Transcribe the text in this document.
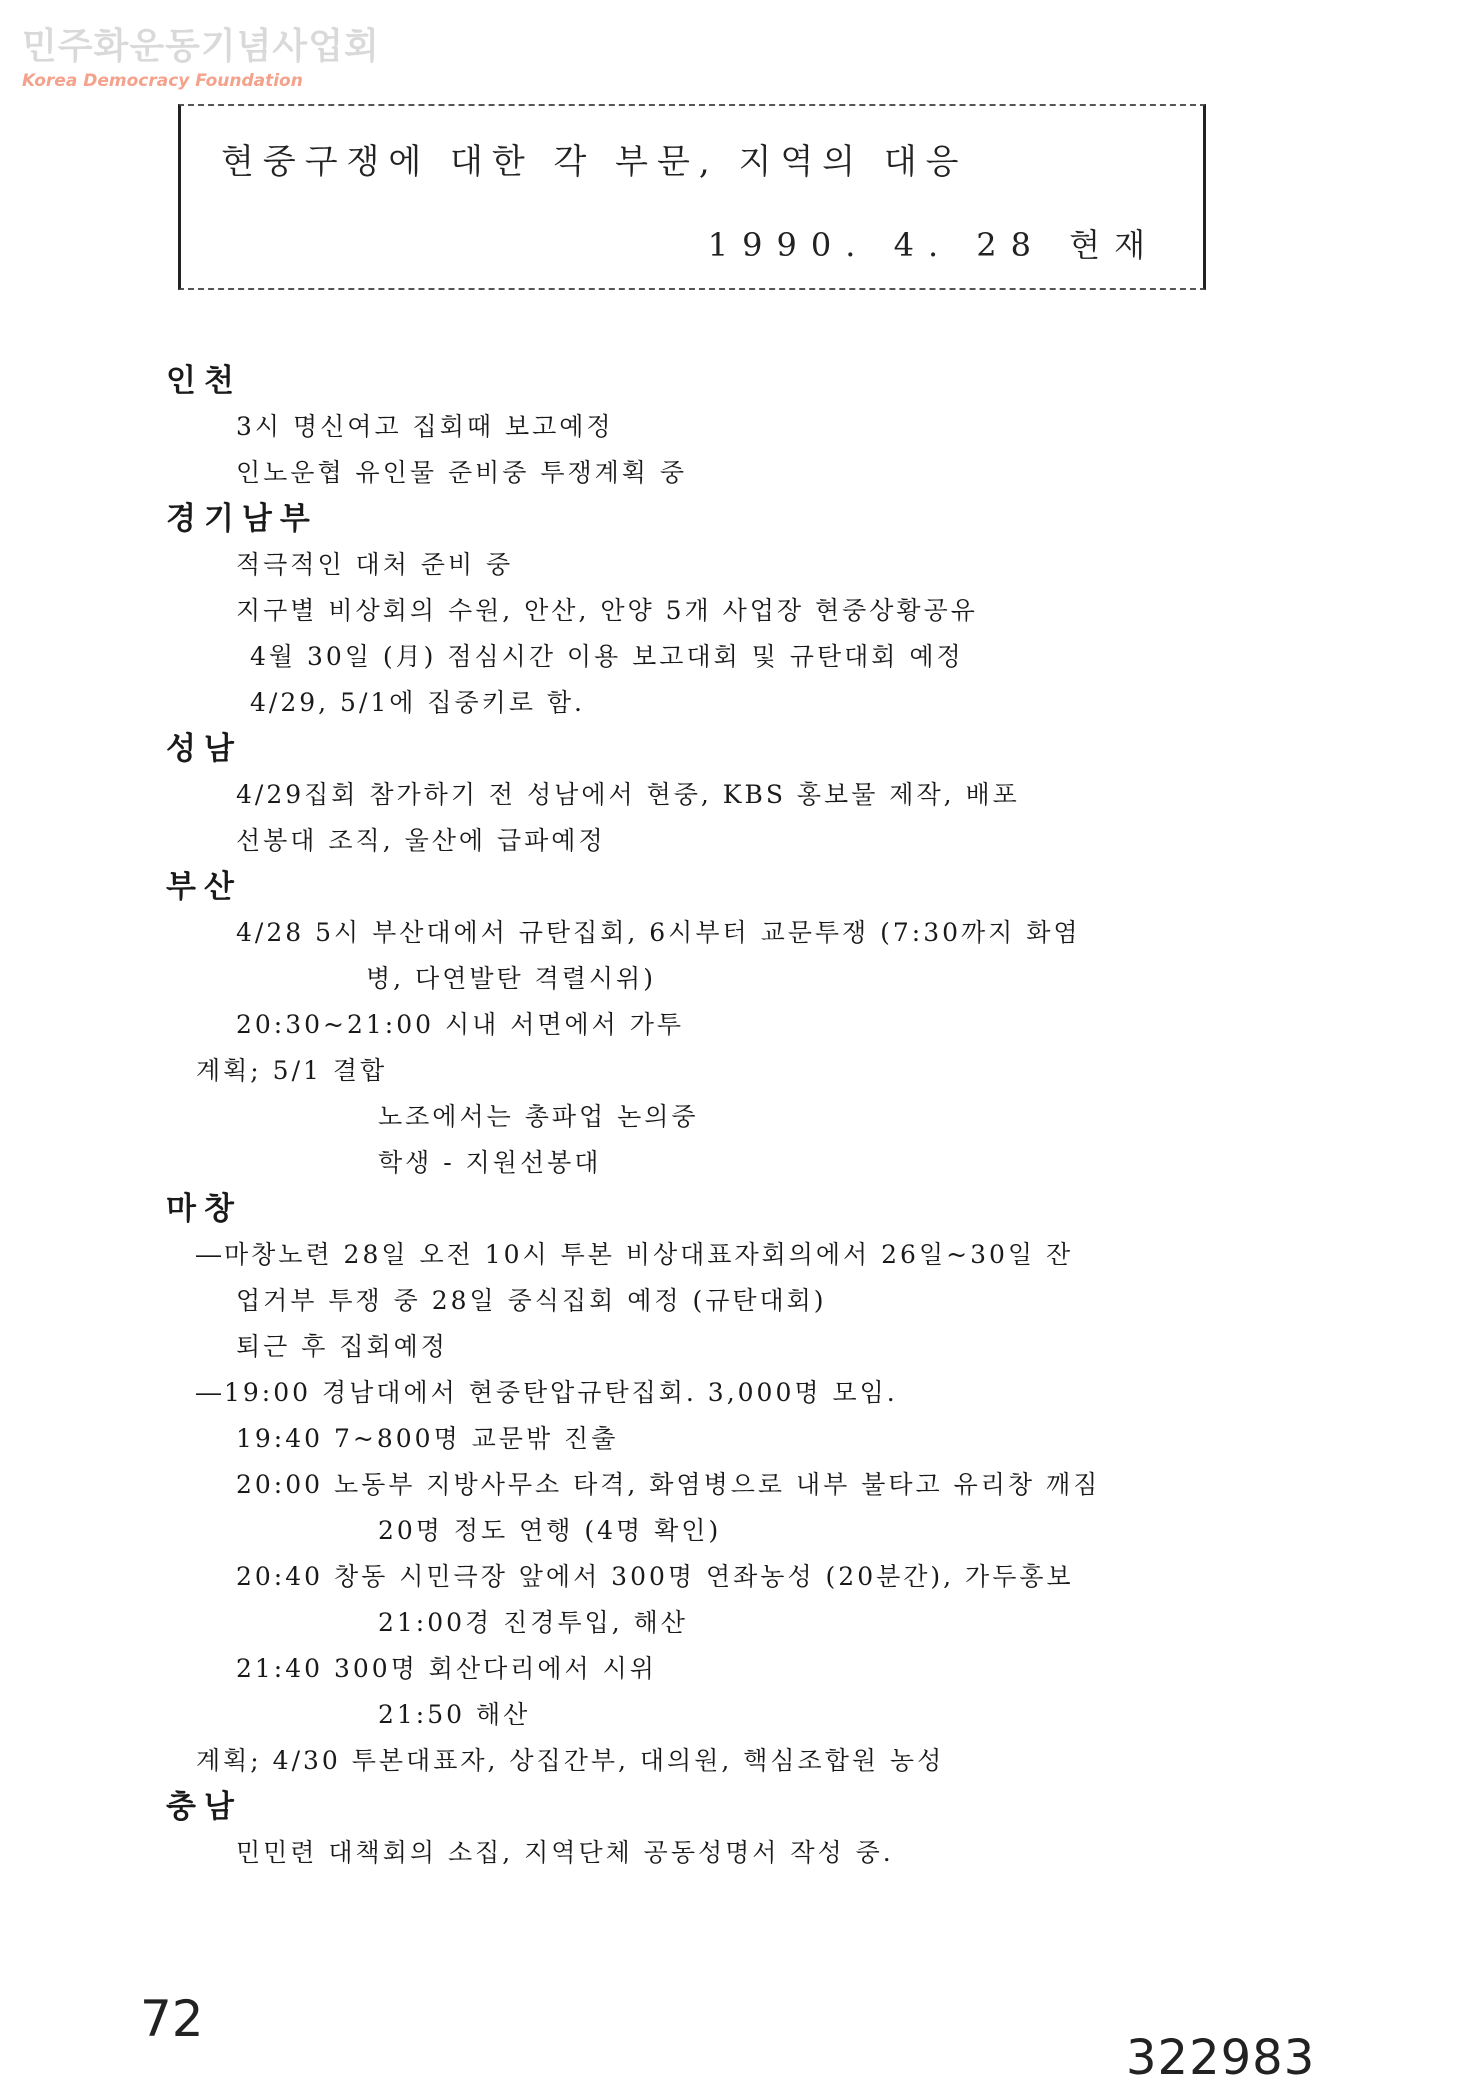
민주화운동기념사업회
Korea Democracy Foundation
현중구쟁에 대한 각 부문, 지역의 대응
1990. 4. 28 현재
인천
3시 명신여고 집회때 보고예정
인노운협 유인물 준비중 투쟁계획 중
경기남부
적극적인 대처 준비 중
지구별 비상회의 수원, 안산, 안양 5개 사업장 현중상황공유
4월 30일 (月) 점심시간 이용 보고대회 및 규탄대회 예정
4/29, 5/1에 집중키로 함.
성남
4/29집회 참가하기 전 성남에서 현중, KBS 홍보물 제작, 배포
선봉대 조직, 울산에 급파예정
부산
4/28 5시 부산대에서 규탄집회, 6시부터 교문투쟁 (7:30까지 화염
병, 다연발탄 격렬시위)
20:30~21:00 시내 서면에서 가투
계획; 5/1 결합
노조에서는 총파업 논의중
학생 - 지원선봉대
마창
―마창노련 28일 오전 10시 투본 비상대표자회의에서 26일~30일 잔
업거부 투쟁 중 28일 중식집회 예정 (규탄대회)
퇴근 후 집회예정
―19:00 경남대에서 현중탄압규탄집회. 3,000명 모임.
19:40 7~800명 교문밖 진출
20:00 노동부 지방사무소 타격, 화염병으로 내부 불타고 유리창 깨짐
20명 정도 연행 (4명 확인)
20:40 창동 시민극장 앞에서 300명 연좌농성 (20분간), 가두홍보
21:00경 진경투입, 해산
21:40 300명 회산다리에서 시위
21:50 해산
계획; 4/30 투본대표자, 상집간부, 대의원, 핵심조합원 농성
충남
민민련 대책회의 소집, 지역단체 공동성명서 작성 중.
72
322983
